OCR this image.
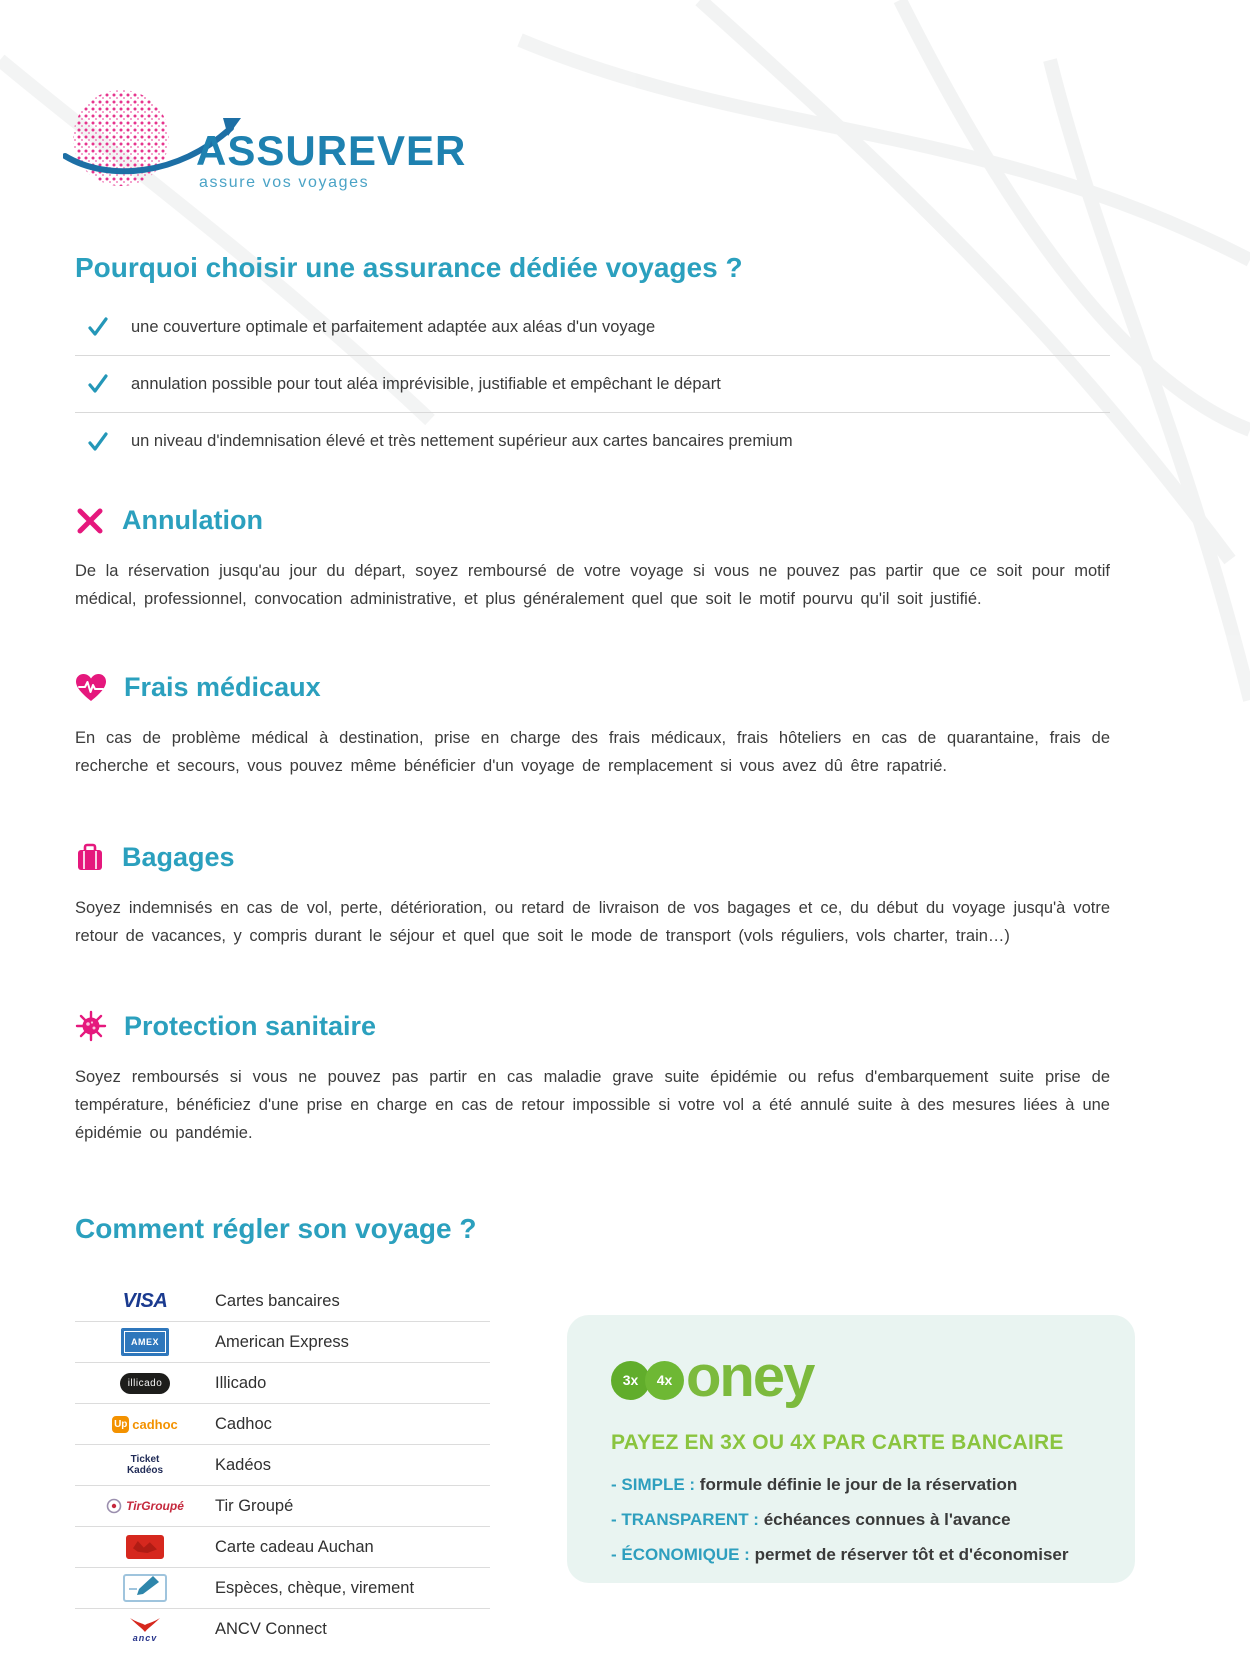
ASSUREVER
assure vos voyages
Pourquoi choisir une assurance dédiée voyages ?
une couverture optimale et parfaitement adaptée aux aléas d'un voyage
annulation possible pour tout aléa imprévisible, justifiable et empêchant le départ
un niveau d'indemnisation élevé et très nettement supérieur aux cartes bancaires premium
Annulation
De la réservation jusqu'au jour du départ, soyez remboursé de votre voyage si vous ne pouvez pas partir que ce soit pour motif médical, professionnel, convocation administrative, et plus généralement quel que soit le motif pourvu qu'il soit justifié.
Frais médicaux
En cas de problème médical à destination, prise en charge des frais médicaux, frais hôteliers en cas de quarantaine, frais de recherche et secours, vous pouvez même bénéficier d'un voyage de remplacement si vous avez dû être rapatrié.
Bagages
Soyez indemnisés en cas de vol, perte, détérioration, ou retard de livraison de vos bagages et ce, du début du voyage jusqu'à votre retour de vacances, y compris durant le séjour et quel que soit le mode de transport (vols réguliers, vols charter, train…)
Protection sanitaire
Soyez remboursés si vous ne pouvez pas partir en cas maladie grave suite épidémie ou refus d'embarquement suite prise de température, bénéficiez d'une prise en charge en cas de retour impossible si votre vol a été annulé suite à des mesures liées à une épidémie ou pandémie.
Comment régler son voyage ?
VISA	Cartes bancaires
AMEX	American Express
illicado	Illicado
Up cadhoc Cadhoc
Ticket
Kadéos	Kadéos
TirGroupé Tir Groupé
Carte cadeau Auchan
Espèces, chèque, virement
ancv	ANCV Connect
3x	4x oney
PAYEZ EN 3X OU 4X PAR CARTE BANCAIRE
- SIMPLE : formule définie le jour de la réservation
- TRANSPARENT : échéances connues à l'avance
- ÉCONOMIQUE : permet de réserver tôt et d'économiser
